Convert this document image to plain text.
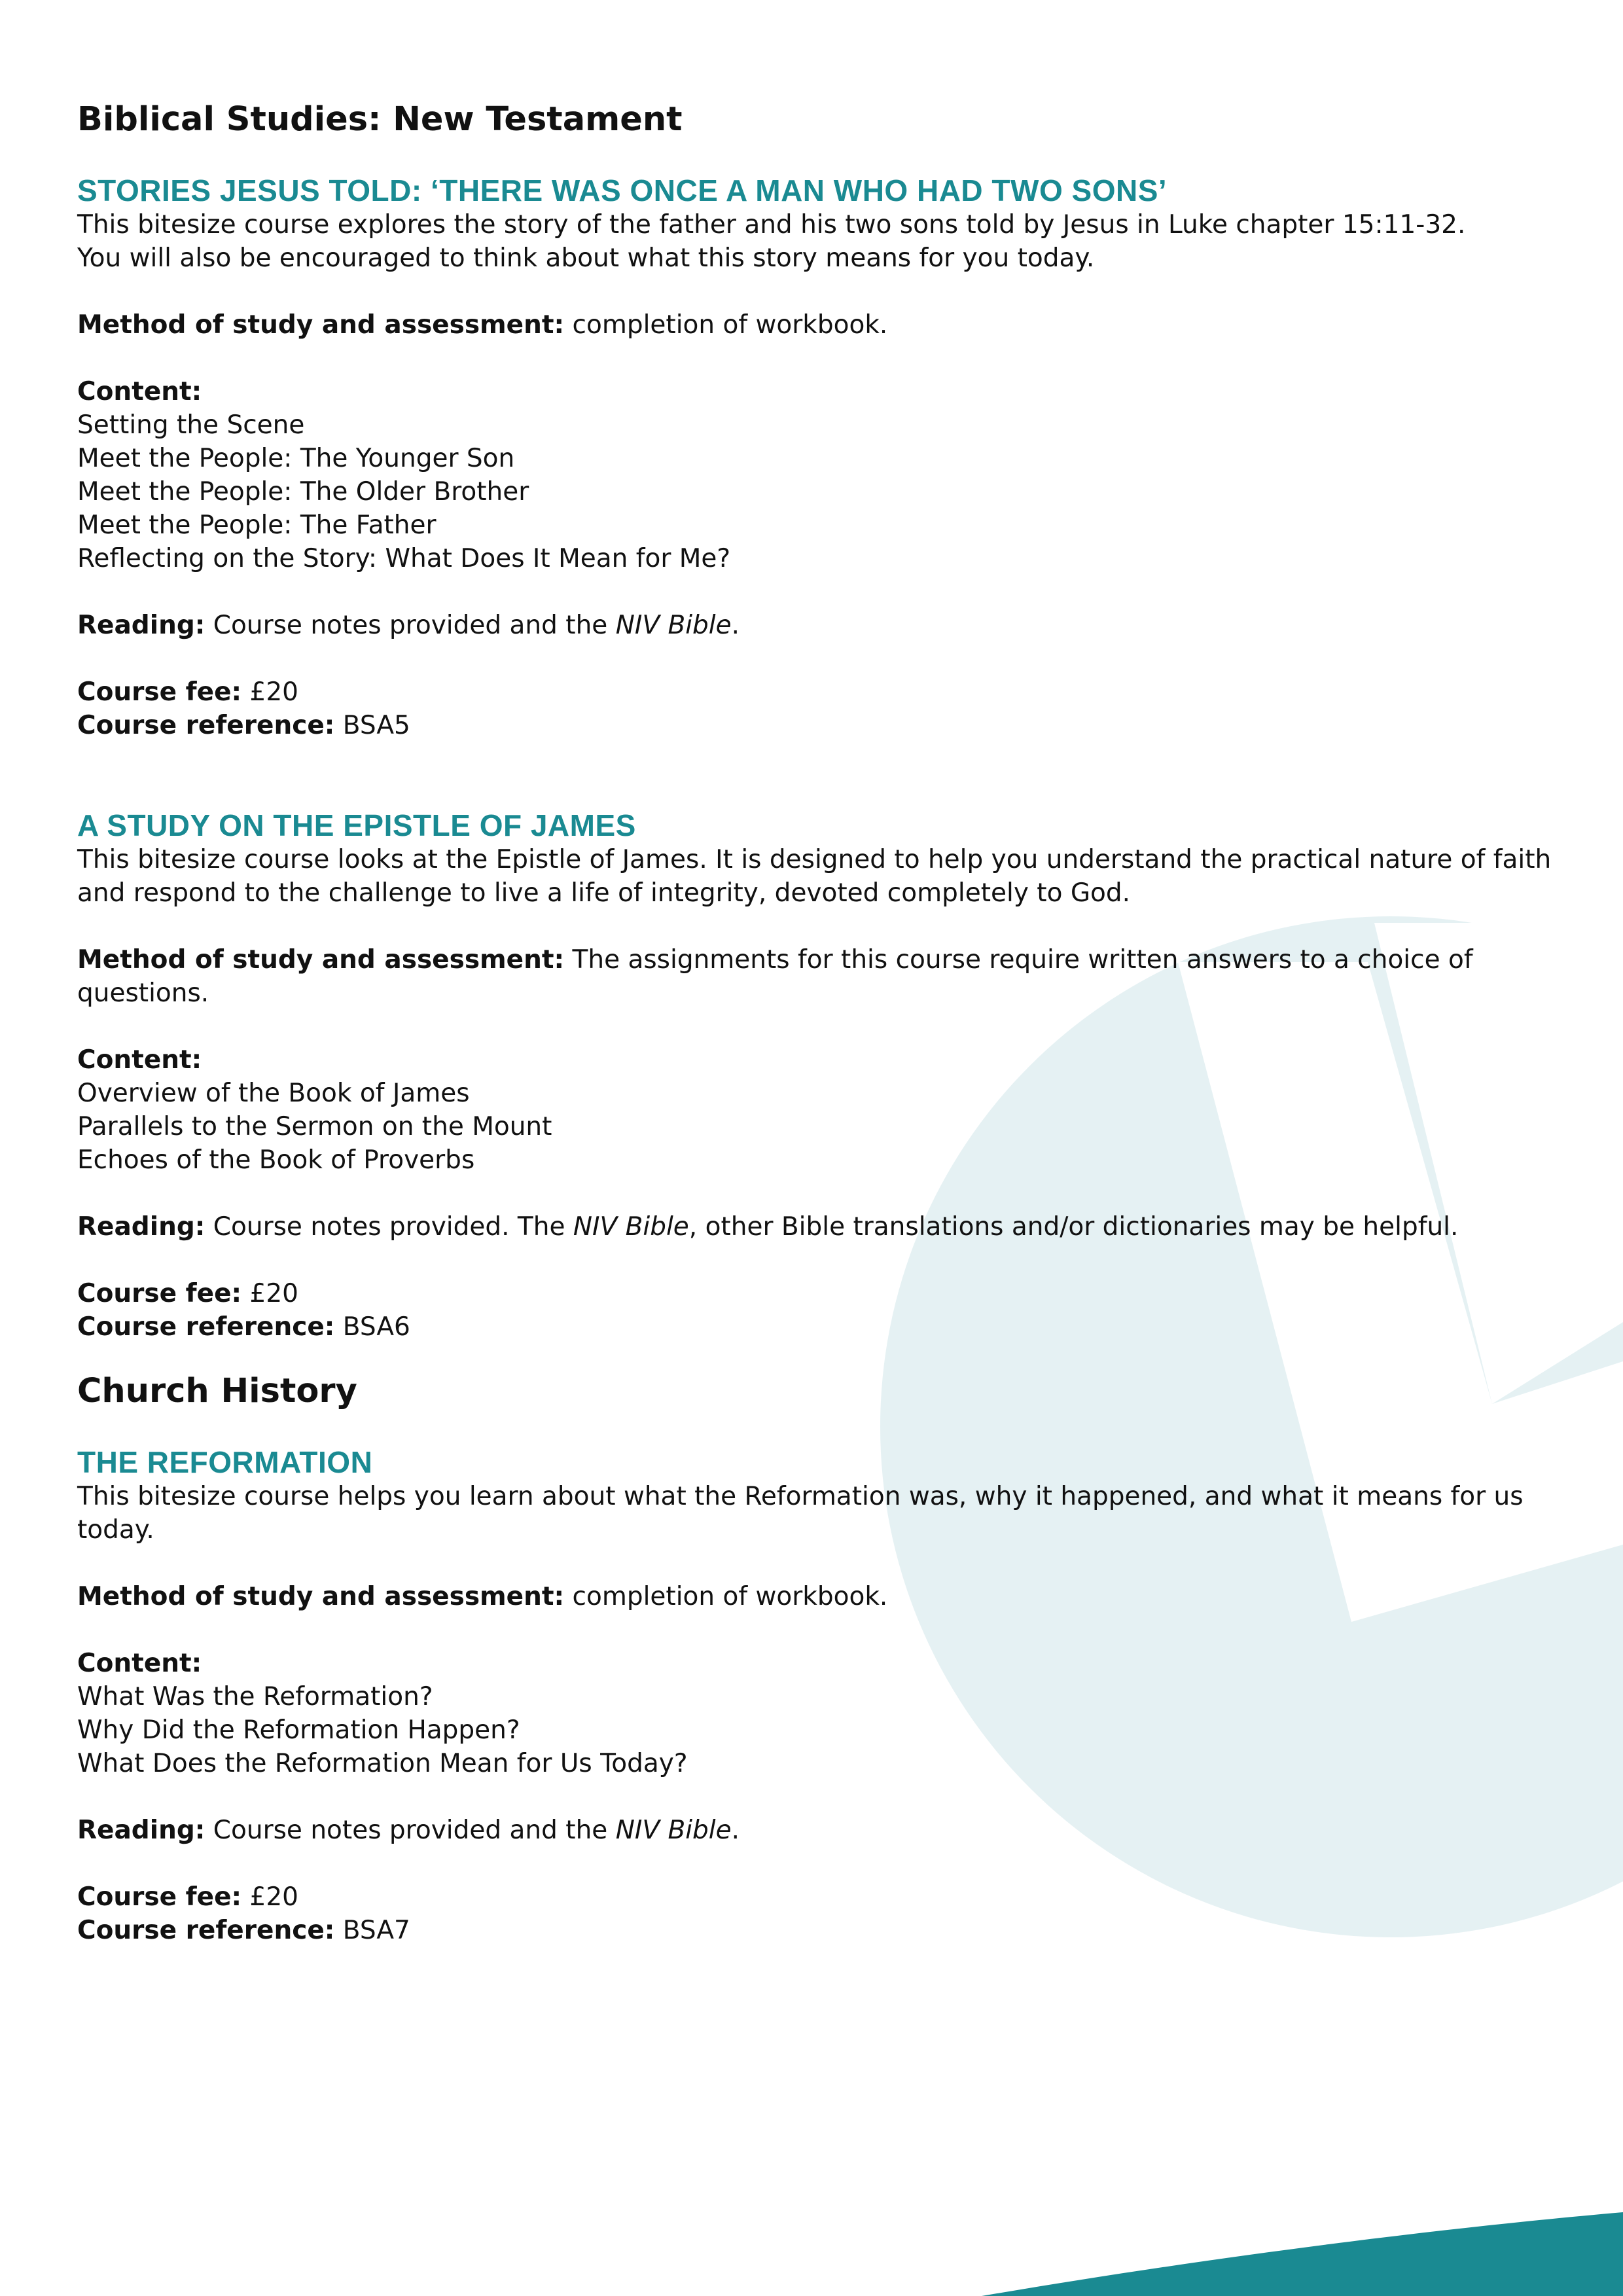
Biblical Studies: New Testament
STORIES JESUS TOLD: ‘THERE WAS ONCE A MAN WHO HAD TWO SONS’

This bitesize course explores the story of the father and his two sons told by Jesus in Luke chapter 15:11-32.

You will also be encouraged to think about what this story means for you today.

Method of study and assessment: completion of workbook.

Content:

Setting the Scene

Meet the People: The Younger Son

Meet the People: The Older Brother

Meet the People: The Father

Reflecting on the Story: What Does It Mean for Me?

Reading: Course notes provided and the NIV Bible.

Course fee: £20

Course reference: BSA5

A STUDY ON THE EPISTLE OF JAMES

This bitesize course looks at the Epistle of James. It is designed to help you understand the practical nature of faith

and respond to the challenge to live a life of integrity, devoted completely to God.

Method of study and assessment: The assignments for this course require written answers to a choice of questions.

Content:

Overview of the Book of James

Parallels to the Sermon on the Mount

Echoes of the Book of Proverbs

Reading: Course notes provided. The NIV Bible, other Bible translations and/or dictionaries may be helpful.

Course fee: £20

Course reference: BSA6

Church History
THE REFORMATION

This bitesize course helps you learn about what the Reformation was, why it happened, and what it means for us today.

Method of study and assessment: completion of workbook.

Content:

What Was the Reformation?

Why Did the Reformation Happen?

What Does the Reformation Mean for Us Today?

Reading: Course notes provided and the NIV Bible.

Course fee: £20

Course reference: BSA7
